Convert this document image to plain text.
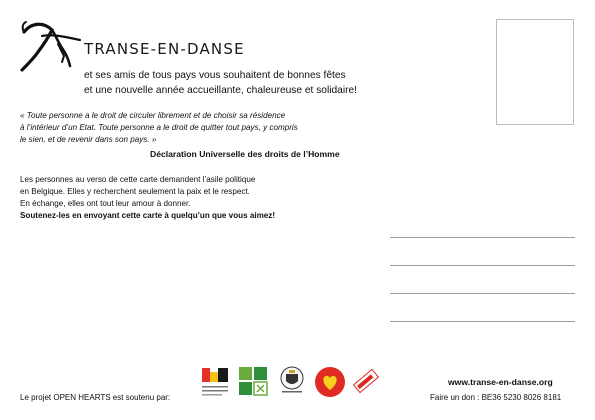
TRANSE-EN-DANSE
et ses amis de tous pays vous souhaitent de bonnes fêtes
et une nouvelle année accueillante, chaleureuse et solidaire!
« Toute personne a le droit de circuler librement et de choisir sa résidence
à l’intérieur d’un Etat. Toute personne a le droit de quitter tout pays, y compris
le sien, et de revenir dans son pays. »
Déclaration Universelle des droits de l’Homme
Les personnes au verso de cette carte demandent l’asile politique
en Belgique. Elles y recherchent seulement la paix et le respect.
En échange, elles ont tout leur amour à donner.
Soutenez-les en envoyant cette carte à quelqu’un que vous aimez!
Le projet OPEN HEARTS est soutenu par:
www.transe-en-danse.org
Faire un don : BE36 5230 8026 8181
